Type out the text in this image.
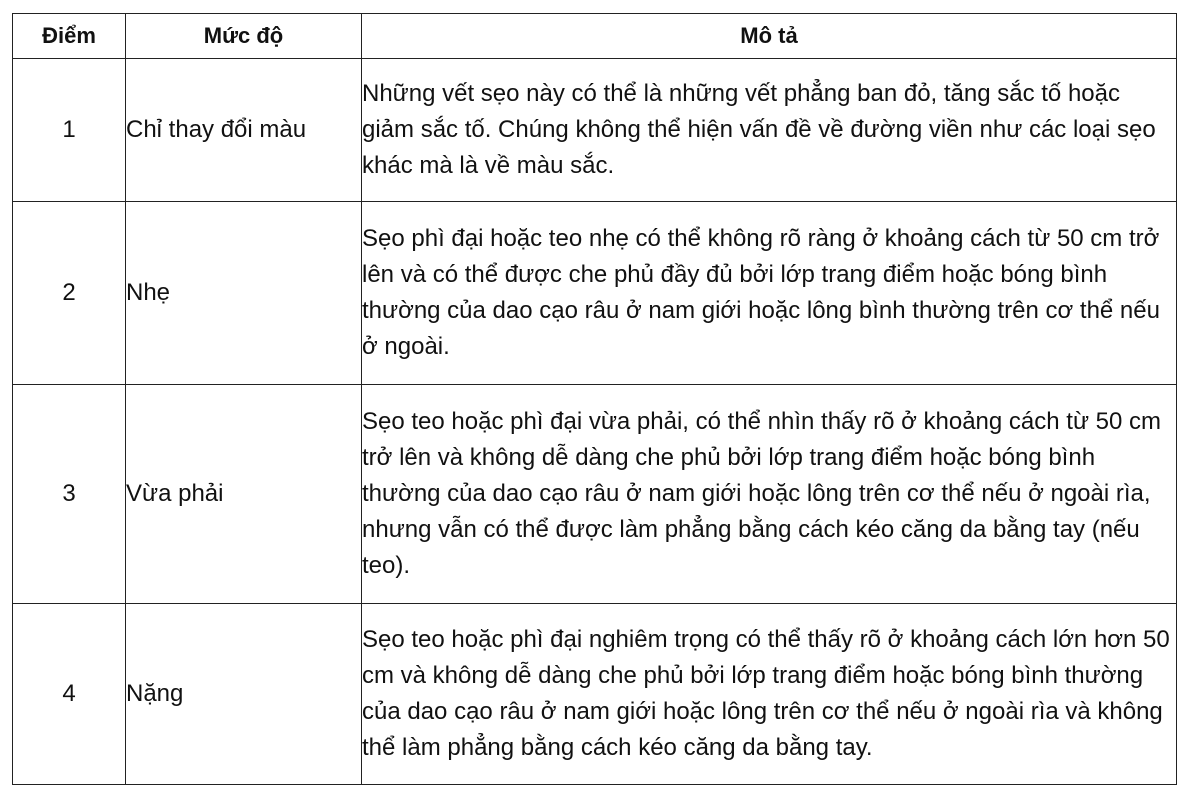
Điểm	Mức độ	Mô tả
1	Chỉ thay đổi màu	Những vết sẹo này có thể là những vết phẳng ban đỏ, tăng sắc tố hoặc giảm sắc tố. Chúng không thể hiện vấn đề về đường viền như các loại sẹo khác mà là về màu sắc.
2	Nhẹ	Sẹo phì đại hoặc teo nhẹ có thể không rõ ràng ở khoảng cách từ 50 cm trở lên và có thể được che phủ đầy đủ bởi lớp trang điểm hoặc bóng bình thường của dao cạo râu ở nam giới hoặc lông bình thường trên cơ thể nếu ở ngoài.
3	Vừa phải	Sẹo teo hoặc phì đại vừa phải, có thể nhìn thấy rõ ở khoảng cách từ 50 cm trở lên và không dễ dàng che phủ bởi lớp trang điểm hoặc bóng bình thường của dao cạo râu ở nam giới hoặc lông trên cơ thể nếu ở ngoài rìa, nhưng vẫn có thể được làm phẳng bằng cách kéo căng da bằng tay (nếu teo).
4	Nặng	Sẹo teo hoặc phì đại nghiêm trọng có thể thấy rõ ở khoảng cách lớn hơn 50 cm và không dễ dàng che phủ bởi lớp trang điểm hoặc bóng bình thường của dao cạo râu ở nam giới hoặc lông trên cơ thể nếu ở ngoài rìa và không thể làm phẳng bằng cách kéo căng da bằng tay.
